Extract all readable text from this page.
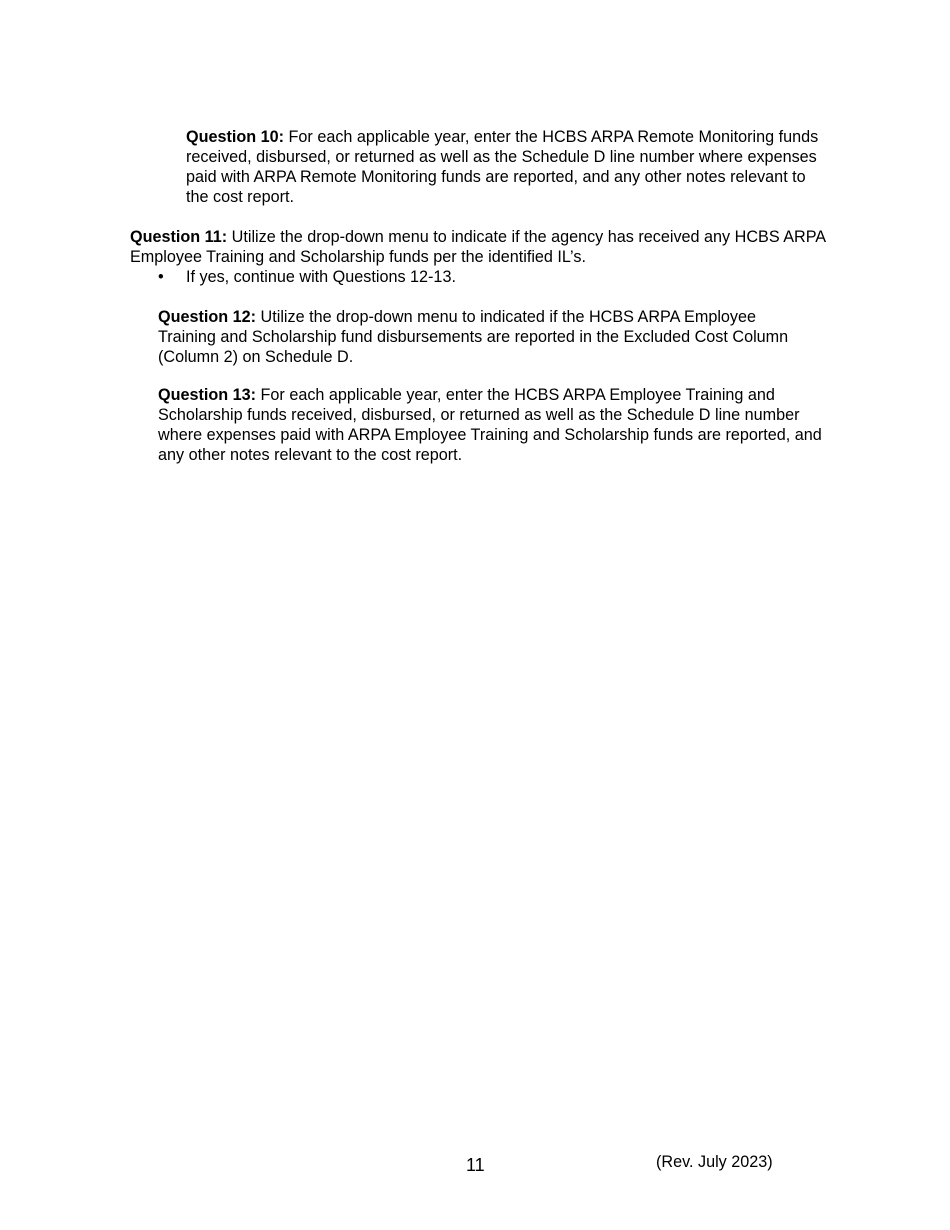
Question 10: For each applicable year, enter the HCBS ARPA Remote Monitoring funds received, disbursed, or returned as well as the Schedule D line number where expenses paid with ARPA Remote Monitoring funds are reported, and any other notes relevant to the cost report.

Question 11: Utilize the drop-down menu to indicate if the agency has received any HCBS ARPA Employee Training and Scholarship funds per the identified IL’s.

• If yes, continue with Questions 12-13.

Question 12: Utilize the drop-down menu to indicated if the HCBS ARPA Employee Training and Scholarship fund disbursements are reported in the Excluded Cost Column (Column 2) on Schedule D.

Question 13: For each applicable year, enter the HCBS ARPA Employee Training and Scholarship funds received, disbursed, or returned as well as the Schedule D line number where expenses paid with ARPA Employee Training and Scholarship funds are reported, and any other notes relevant to the cost report.

11	(Rev. July 2023)
